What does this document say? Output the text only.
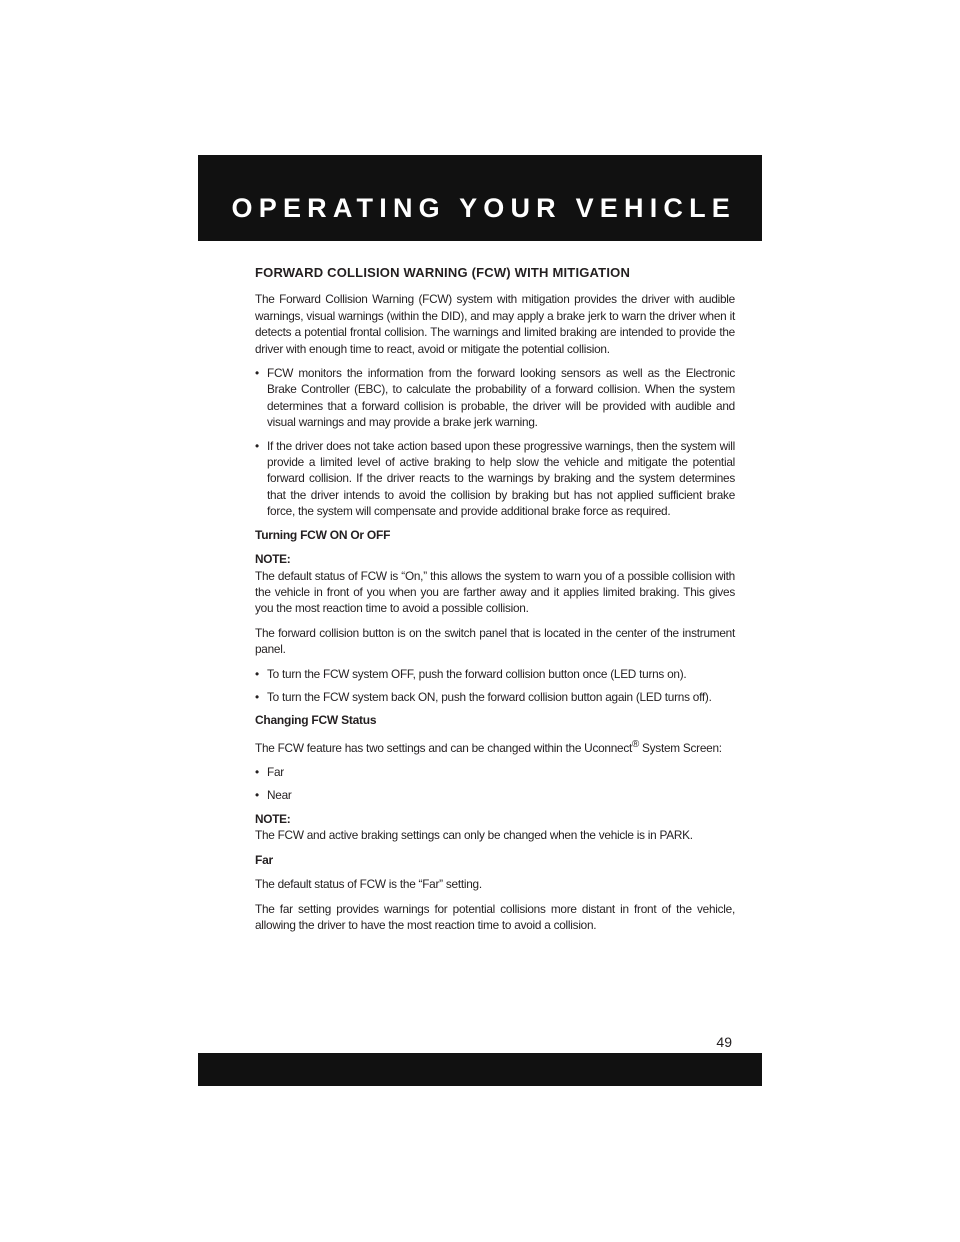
OPERATING YOUR VEHICLE
FORWARD COLLISION WARNING (FCW) WITH MITIGATION

The Forward Collision Warning (FCW) system with mitigation provides the driver with audible warnings, visual warnings (within the DID), and may apply a brake jerk to warn the driver when it detects a potential frontal collision. The warnings and limited braking are intended to provide the driver with enough time to react, avoid or mitigate the potential collision.

• FCW monitors the information from the forward looking sensors as well as the Electronic Brake Controller (EBC), to calculate the probability of a forward collision. When the system determines that a forward collision is probable, the driver will be provided with audible and visual warnings and may provide a brake jerk warning.
• If the driver does not take action based upon these progressive warnings, then the system will provide a limited level of active braking to help slow the vehicle and mitigate the potential forward collision. If the driver reacts to the warnings by braking and the system determines that the driver intends to avoid the collision by braking but has not applied sufficient brake force, the system will compensate and provide additional brake force as required.
Turning FCW ON Or OFF
NOTE:

The default status of FCW is “On,” this allows the system to warn you of a possible collision with the vehicle in front of you when you are farther away and it applies limited braking. This gives you the most reaction time to avoid a possible collision.

The forward collision button is on the switch panel that is located in the center of the instrument panel.

• To turn the FCW system OFF, push the forward collision button once (LED turns on).
• To turn the FCW system back ON, push the forward collision button again (LED turns off).
Changing FCW Status

The FCW feature has two settings and can be changed within the Uconnect® System Screen:

• Far
• Near
NOTE:

The FCW and active braking settings can only be changed when the vehicle is in PARK.

Far

The default status of FCW is the “Far” setting.

The far setting provides warnings for potential collisions more distant in front of the vehicle, allowing the driver to have the most reaction time to avoid a collision.

49
